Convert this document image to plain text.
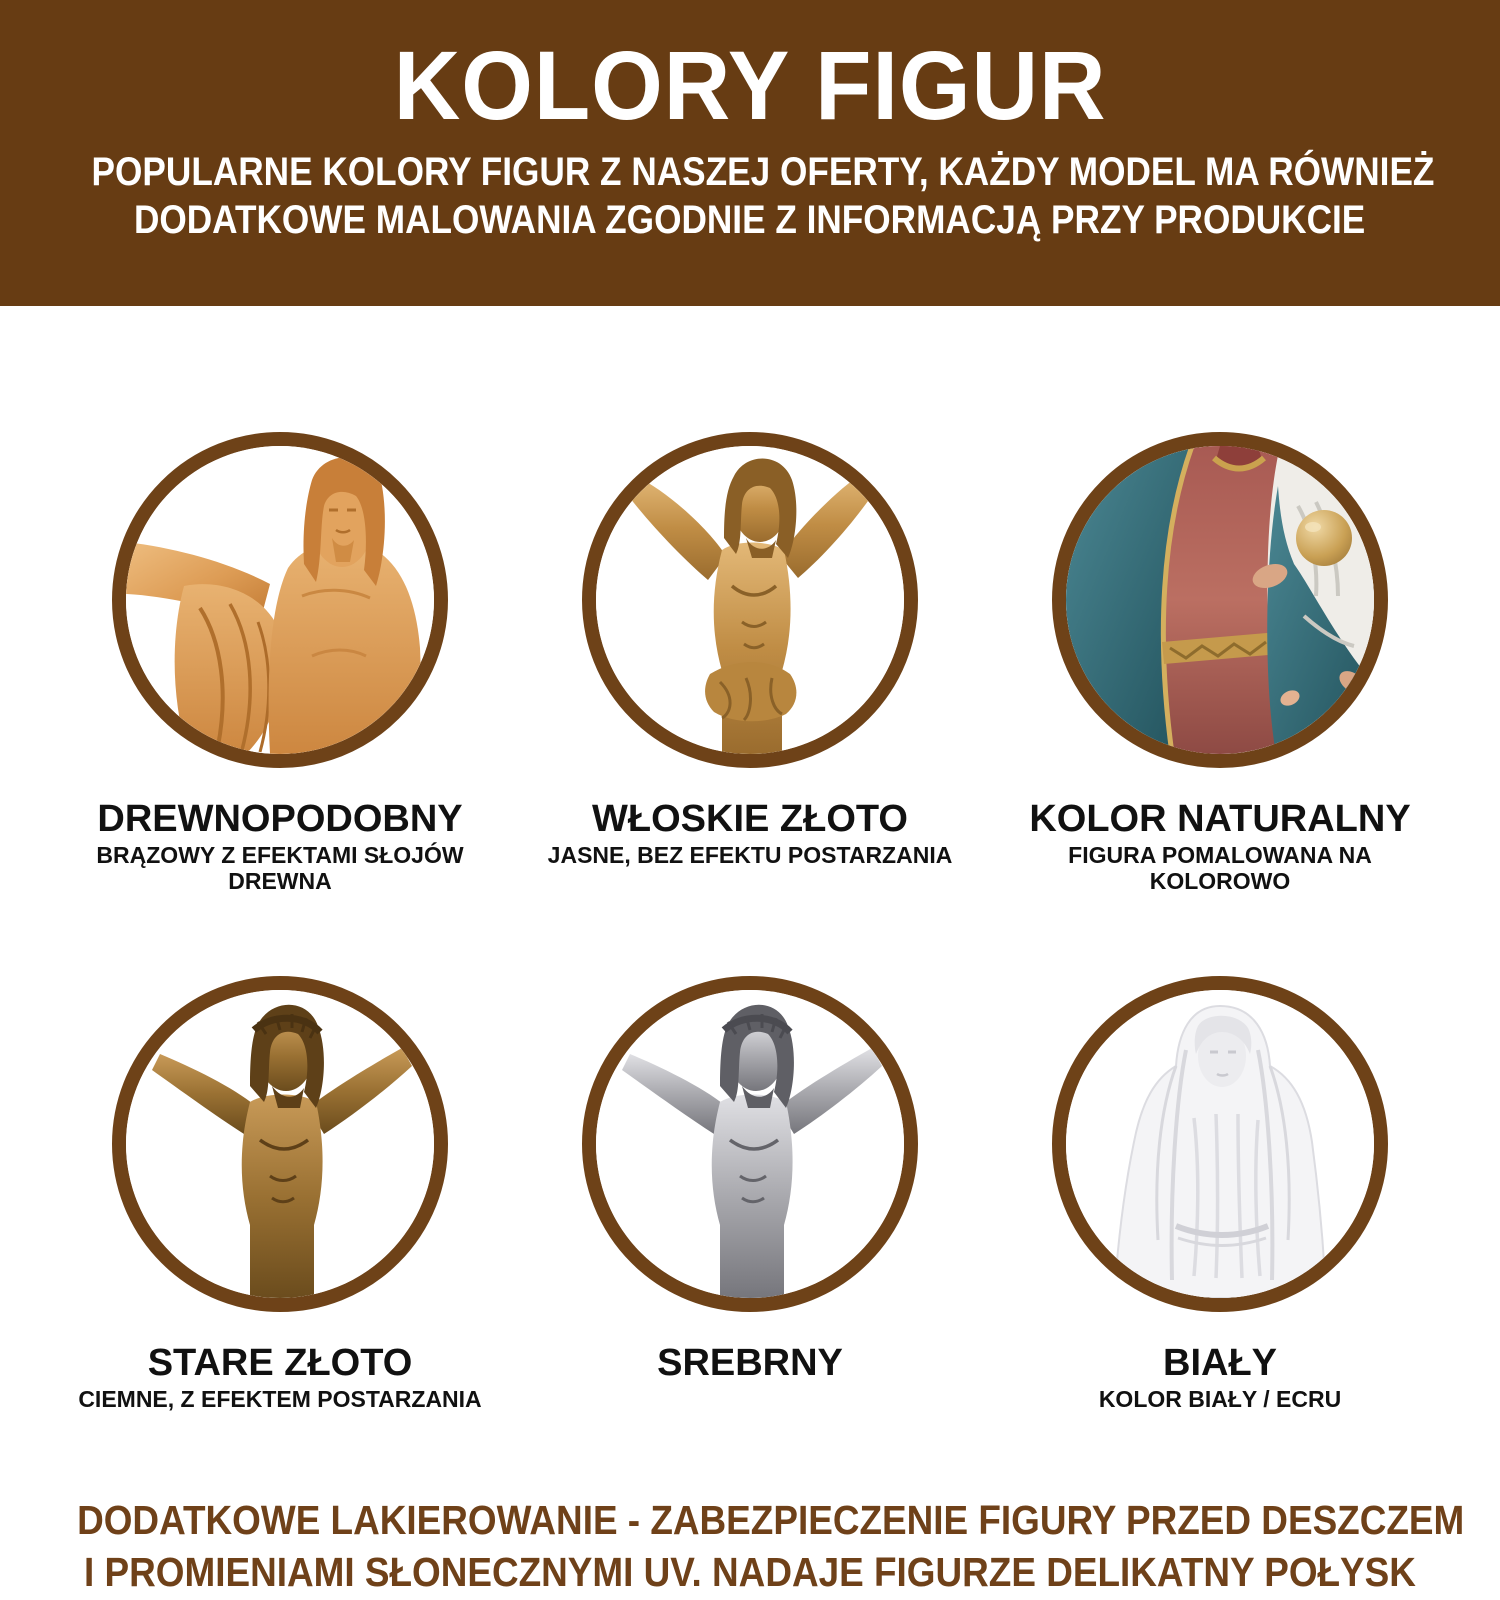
KOLORY FIGUR
POPULARNE KOLORY FIGUR Z NASZEJ OFERTY, KAŻDY MODEL MA RÓWNIEŻ
DODATKOWE MALOWANIA ZGODNIE Z INFORMACJĄ PRZY PRODUKCIE
DREWNOPODOBNY
BRĄZOWY Z EFEKTAMI SŁOJÓW DREWNA
WŁOSKIE ZŁOTO
JASNE, BEZ EFEKTU POSTARZANIA
KOLOR NATURALNY
FIGURA POMALOWANA NA KOLOROWO
STARE ZŁOTO
CIEMNE, Z EFEKTEM POSTARZANIA
SREBRNY	BIAŁY
KOLOR BIAŁY / ECRU
DODATKOWE LAKIEROWANIE - ZABEZPIECZENIE FIGURY PRZED DESZCZEM
I PROMIENIAMI SŁONECZNYMI UV. NADAJE FIGURZE DELIKATNY POŁYSK
